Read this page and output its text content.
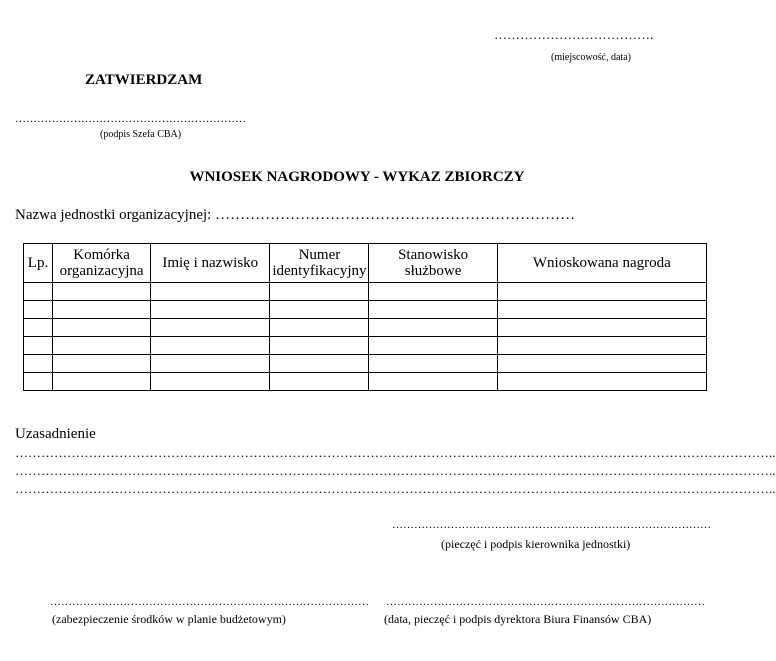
……………………………….
(miejscowość, data)
ZATWIERDZAM
………………………………………………………
(podpis Szefa CBA)
WNIOSEK NAGRODOWY - WYKAZ ZBIORCZY
Nazwa jednostki organizacyjnej: ………………………………………………………………
Lp.	Komórka organizacyjna	Imię i nazwisko	Numer identyfikacyjny	Stanowisko służbowe	Wnioskowana nagroda

Uzasadnienie
…………………………………………………………………………………………………………………………………………………………..
…………………………………………………………………………………………………………………………………………………………..
…………………………………………………………………………………………………………………………………………………………..
……………………………………………………………………………
(pieczęć i podpis kierownika jednostki)
……………………………………………………………………………
(zabezpieczenie środków w planie budżetowym)
……………………………………………………………………………
(data, pieczęć i podpis dyrektora Biura Finansów CBA)
